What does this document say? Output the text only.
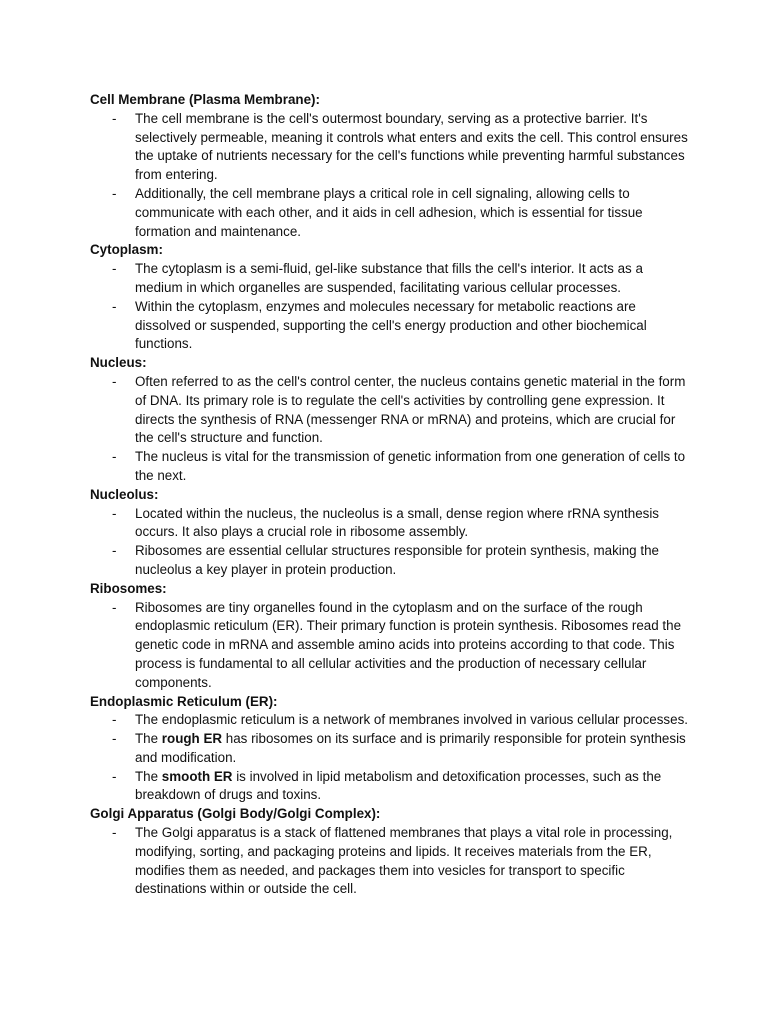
Cell Membrane (Plasma Membrane):
- The cell membrane is the cell's outermost boundary, serving as a protective barrier. It's selectively permeable, meaning it controls what enters and exits the cell. This control ensures the uptake of nutrients necessary for the cell's functions while preventing harmful substances from entering.
- Additionally, the cell membrane plays a critical role in cell signaling, allowing cells to communicate with each other, and it aids in cell adhesion, which is essential for tissue formation and maintenance.
Cytoplasm:
- The cytoplasm is a semi-fluid, gel-like substance that fills the cell's interior. It acts as a medium in which organelles are suspended, facilitating various cellular processes.
- Within the cytoplasm, enzymes and molecules necessary for metabolic reactions are dissolved or suspended, supporting the cell's energy production and other biochemical functions.
Nucleus:
- Often referred to as the cell's control center, the nucleus contains genetic material in the form of DNA. Its primary role is to regulate the cell's activities by controlling gene expression. It directs the synthesis of RNA (messenger RNA or mRNA) and proteins, which are crucial for the cell's structure and function.
- The nucleus is vital for the transmission of genetic information from one generation of cells to the next.
Nucleolus:
- Located within the nucleus, the nucleolus is a small, dense region where rRNA synthesis occurs. It also plays a crucial role in ribosome assembly.
- Ribosomes are essential cellular structures responsible for protein synthesis, making the nucleolus a key player in protein production.
Ribosomes:
- Ribosomes are tiny organelles found in the cytoplasm and on the surface of the rough endoplasmic reticulum (ER). Their primary function is protein synthesis. Ribosomes read the genetic code in mRNA and assemble amino acids into proteins according to that code. This process is fundamental to all cellular activities and the production of necessary cellular components.
Endoplasmic Reticulum (ER):
- The endoplasmic reticulum is a network of membranes involved in various cellular processes.
- The rough ER has ribosomes on its surface and is primarily responsible for protein synthesis and modification.
- The smooth ER is involved in lipid metabolism and detoxification processes, such as the breakdown of drugs and toxins.
Golgi Apparatus (Golgi Body/Golgi Complex):
- The Golgi apparatus is a stack of flattened membranes that plays a vital role in processing, modifying, sorting, and packaging proteins and lipids. It receives materials from the ER, modifies them as needed, and packages them into vesicles for transport to specific destinations within or outside the cell.
